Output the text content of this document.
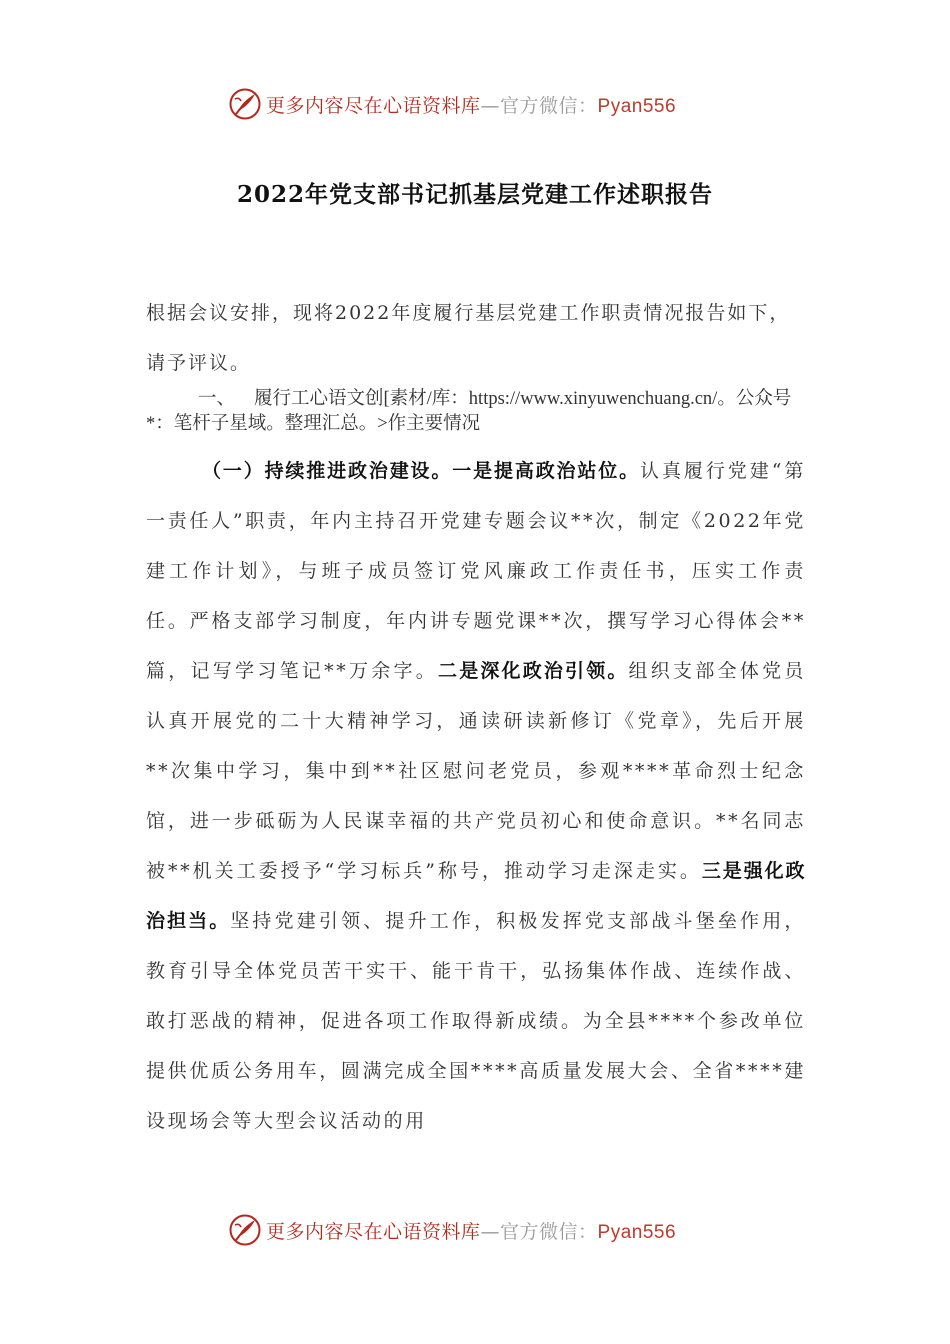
更多内容尽在心语资料库—官方微信：Pyan556
2022年党支部书记抓基层党建工作述职报告
根据会议安排，现将2022年度履行基层党建工作职责情况报告如下，请予评议。
一、 履行工心语文创[素材/库：https://www.xinyuwenchuang.cn/。公众号*：笔杆子星域。整理汇总。>作主要情况
（一）持续推进政治建设。一是提高政治站位。认真履行党建“第一责任人”职责，年内主持召开党建专题会议**次，制定《2022年党建工作计划》，与班子成员签订党风廉政工作责任书，压实工作责任。严格支部学习制度，年内讲专题党课**次，撰写学习心得体会**篇，记写学习笔记**万余字。二是深化政治引领。组织支部全体党员认真开展党的二十大精神学习，通读研读新修订《党章》，先后开展**次集中学习，集中到**社区慰问老党员，参观****革命烈士纪念馆，进一步砥砺为人民谋幸福的共产党员初心和使命意识。**名同志被**机关工委授予“学习标兵”称号，推动学习走深走实。三是强化政治担当。坚持党建引领、提升工作，积极发挥党支部战斗堡垒作用，教育引导全体党员苦干实干、能干肯干，弘扬集体作战、连续作战、敢打恶战的精神，促进各项工作取得新成绩。为全县****个参改单位提供优质公务用车，圆满完成全国****高质量发展大会、全省****建设现场会等大型会议活动的用
更多内容尽在心语资料库—官方微信：Pyan556
